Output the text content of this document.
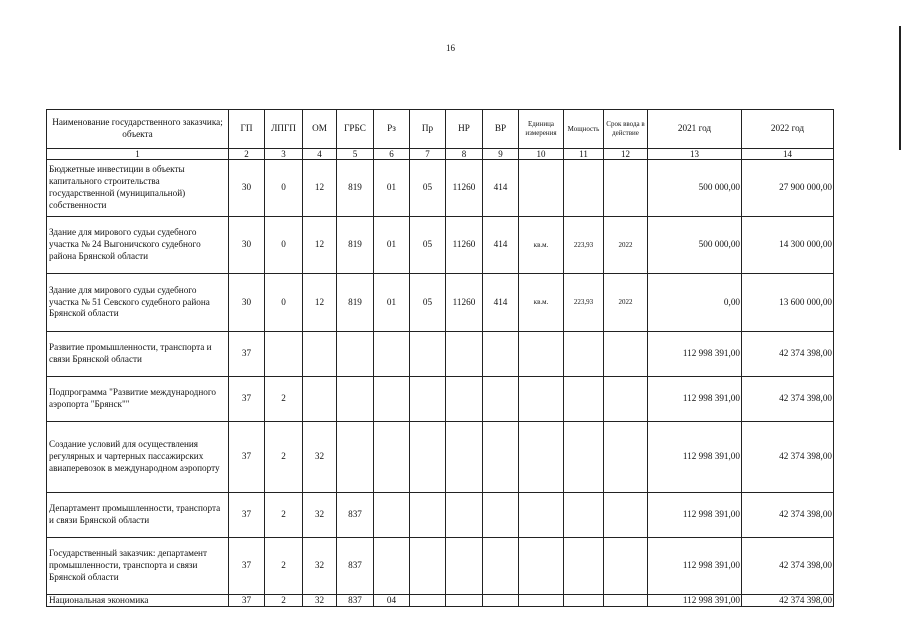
16
Наименование государственного заказчика; объекта	ГП	ЛПГП	ОМ	ГРБС	Рз	Пр	НР	ВР	Единица измерения	Мощность	Срок ввода в действие	2021 год	2022 год
1	2	3	4	5	6	7	8	9	10	11	12	13	14
Бюджетные инвестиции в объекты капитального строительства государственной (муниципальной) собственности	30	0	12	819	01	05	11260	414				500 000,00	27 900 000,00
Здание для мирового судьи судебного участка № 24 Выгоничского судебного района Брянской области	30	0	12	819	01	05	11260	414	кв.м.	223,93	2022	500 000,00	14 300 000,00
Здание для мирового судьи судебного участка № 51 Севского судебного района Брянской области	30	0	12	819	01	05	11260	414	кв.м.	223,93	2022	0,00	13 600 000,00
Развитие промышленности, транспорта и связи Брянской области	37											112 998 391,00	42 374 398,00
Подпрограмма "Развитие международного аэропорта "Брянск""	37	2										112 998 391,00	42 374 398,00
Создание условий для осуществления регулярных и чартерных пассажирских авиаперевозок в международном аэропорту	37	2	32									112 998 391,00	42 374 398,00
Департамент промышленности, транспорта и связи Брянской области	37	2	32	837								112 998 391,00	42 374 398,00
Государственный заказчик: департамент промышленности, транспорта и связи Брянской области	37	2	32	837								112 998 391,00	42 374 398,00
Национальная экономика	37	2	32	837	04							112 998 391,00	42 374 398,00
